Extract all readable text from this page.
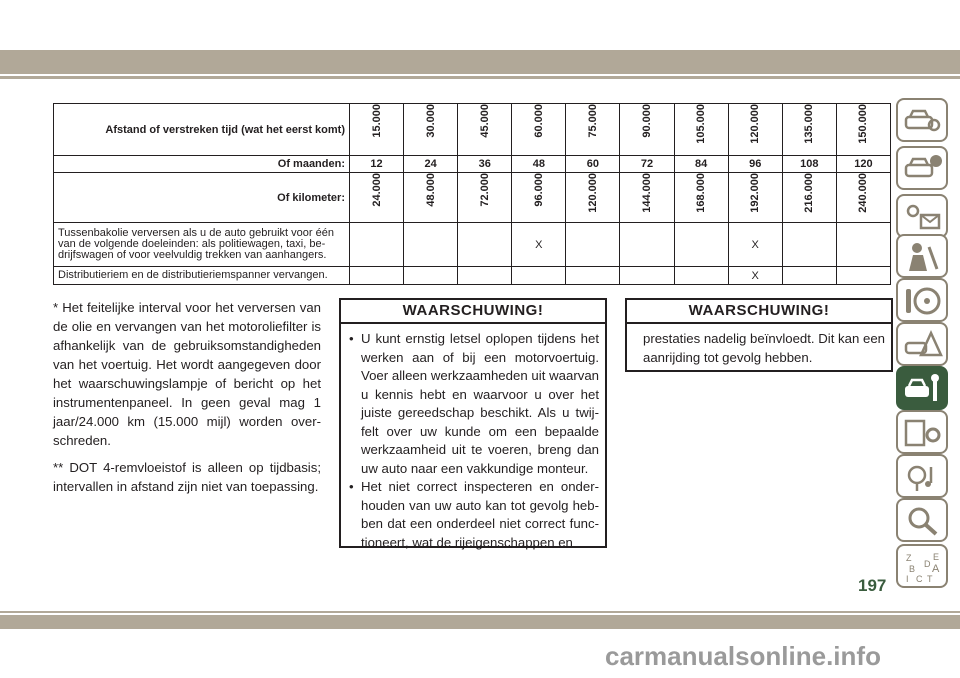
Afstand of verstreken tijd (wat het eerst komt)	15.000	30.000	45.000	60.000	75.000	90.000	105.000	120.000	135.000	150.000
Of maanden:	12	24	36	48	60	72	84	96	108	120
Of kilometer:	24.000	48.000	72.000	96.000	120.000	144.000	168.000	192.000	216.000	240.000
Tussenbakolie verversen als u de auto gebruikt voor één van de volgende doeleinden: als politiewagen, taxi, be-drijfswagen of voor veelvuldig trekken van aanhangers.				X				X		
Distributieriem en de distributieriemspanner vervangen.								X		

* Het feitelijke interval voor het verversen van de olie en vervangen van het motoroliefilter is afhankelijk van de gebruiksomstandigheden van het voertuig. Het wordt aangegeven door het waarschuwingslampje of bericht op het instrumentenpaneel. In geen geval mag 1 jaar/24.000 km (15.000 mijl) worden over-schreden.

** DOT 4-remvloeistof is alleen op tijdbasis; intervallen in afstand zijn niet van toepassing.

WAARSCHUWING!
• U kunt ernstig letsel oplopen tijdens het werken aan of bij een motorvoertuig. Voer alleen werkzaamheden uit waarvan u kennis hebt en waarvoor u over het juiste gereedschap beschikt. Als u twij-felt over uw kunde om een bepaalde werkzaamheid uit te voeren, breng dan uw auto naar een vakkundige monteur.
• Het niet correct inspecteren en onder-houden van uw auto kan tot gevolg heb-ben dat een onderdeel niet correct func-tioneert, wat de rijeigenschappen en
WAARSCHUWING!
prestaties nadelig beïnvloedt. Dit kan een aanrijding tot gevolg hebben.
Z E
B A
C
D
I T
197
carmanualsonline.info
